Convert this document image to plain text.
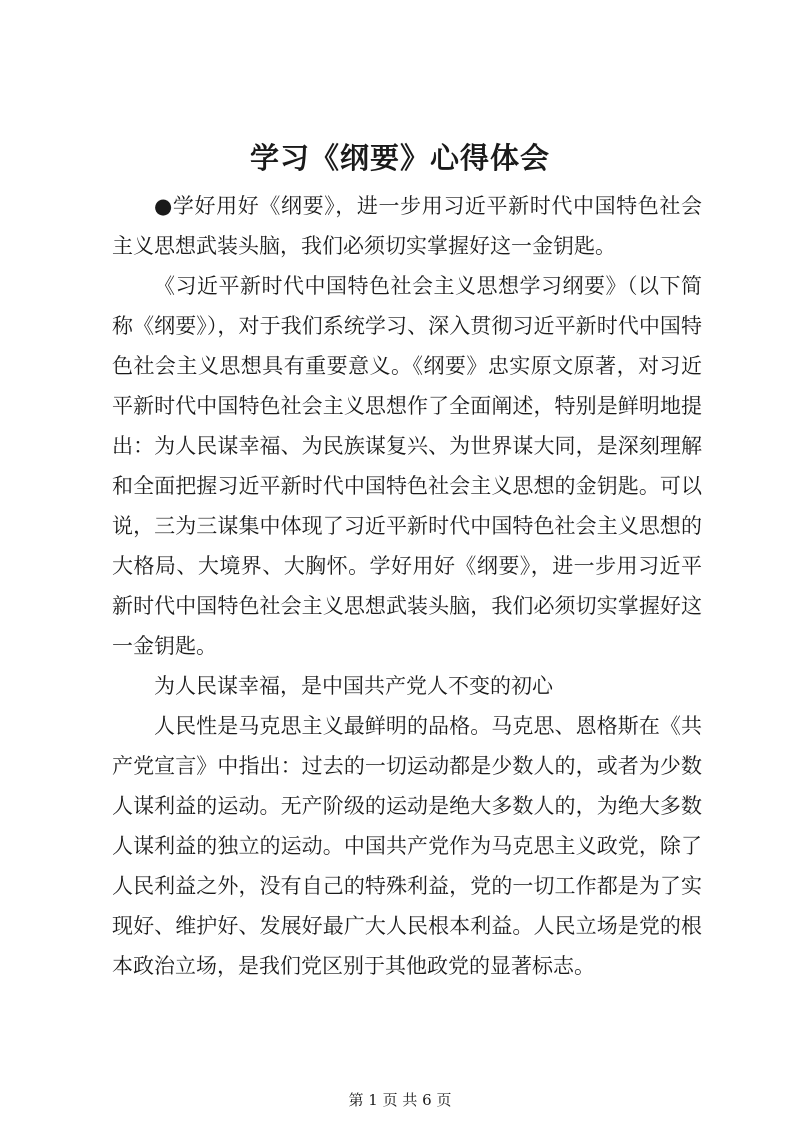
学习《纲要》心得体会

●学好用好《纲要》，进一步用习近平新时代中国特色社会主义思想武装头脑，我们必须切实掌握好这一金钥匙。

《习近平新时代中国特色社会主义思想学习纲要》（以下简称《纲要》），对于我们系统学习、深入贯彻习近平新时代中国特色社会主义思想具有重要意义。《纲要》忠实原文原著，对习近平新时代中国特色社会主义思想作了全面阐述，特别是鲜明地提出：为人民谋幸福、为民族谋复兴、为世界谋大同，是深刻理解和全面把握习近平新时代中国特色社会主义思想的金钥匙。可以说，三为三谋集中体现了习近平新时代中国特色社会主义思想的大格局、大境界、大胸怀。学好用好《纲要》，进一步用习近平新时代中国特色社会主义思想武装头脑，我们必须切实掌握好这一金钥匙。

为人民谋幸福，是中国共产党人不变的初心

人民性是马克思主义最鲜明的品格。马克思、恩格斯在《共产党宣言》中指出：过去的一切运动都是少数人的，或者为少数人谋利益的运动。无产阶级的运动是绝大多数人的，为绝大多数人谋利益的独立的运动。中国共产党作为马克思主义政党，除了人民利益之外，没有自己的特殊利益，党的一切工作都是为了实现好、维护好、发展好最广大人民根本利益。人民立场是党的根本政治立场，是我们党区别于其他政党的显著标志。

第 1 页 共 6 页
